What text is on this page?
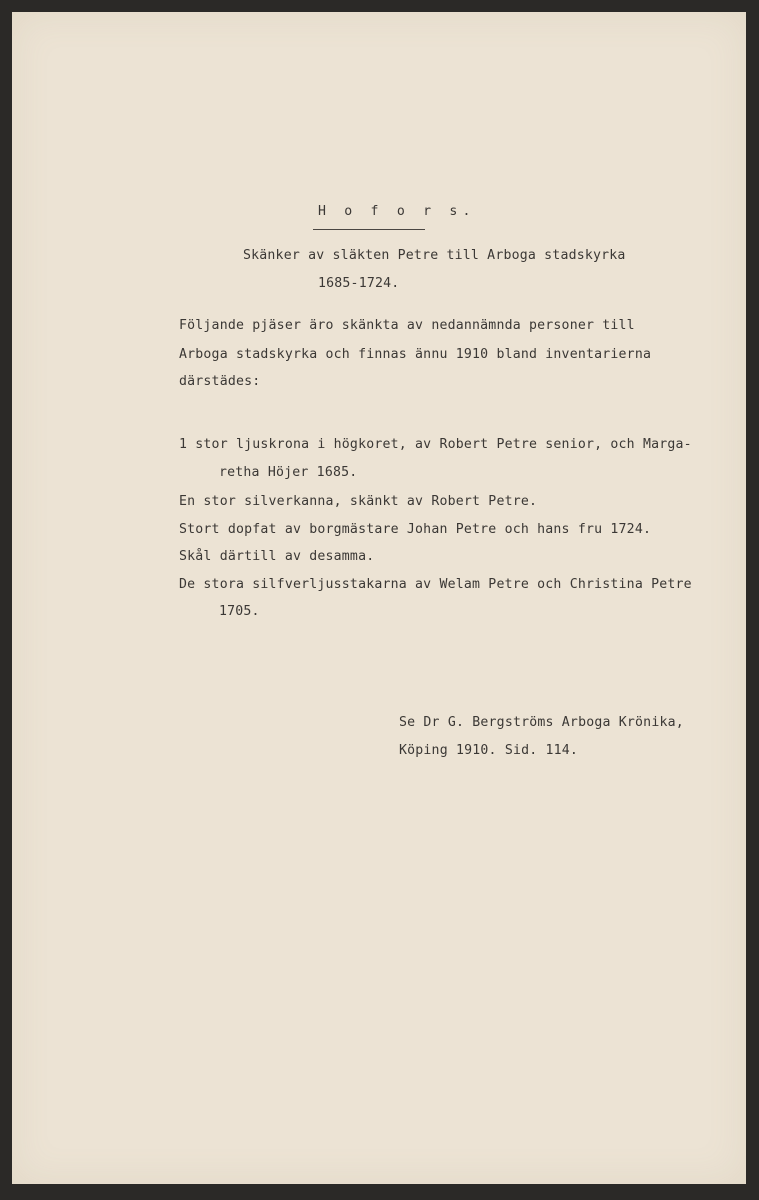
H o f o r s.
Skänker av släkten Petre till Arboga stadskyrka
1685-1724.
Följande pjäser äro skänkta av nedannämnda personer till
Arboga stadskyrka och finnas ännu 1910 bland inventarierna
därstädes:
1 stor ljuskrona i högkoret, av Robert Petre senior, och Marga-
retha Höjer 1685.
En stor silverkanna, skänkt av Robert Petre.
Stort dopfat av borgmästare Johan Petre och hans fru 1724.
Skål därtill av desamma.
De stora silfverljusstakarna av Welam Petre och Christina Petre
1705.
Se Dr G. Bergströms Arboga Krönika,
Köping 1910. Sid. 114.
